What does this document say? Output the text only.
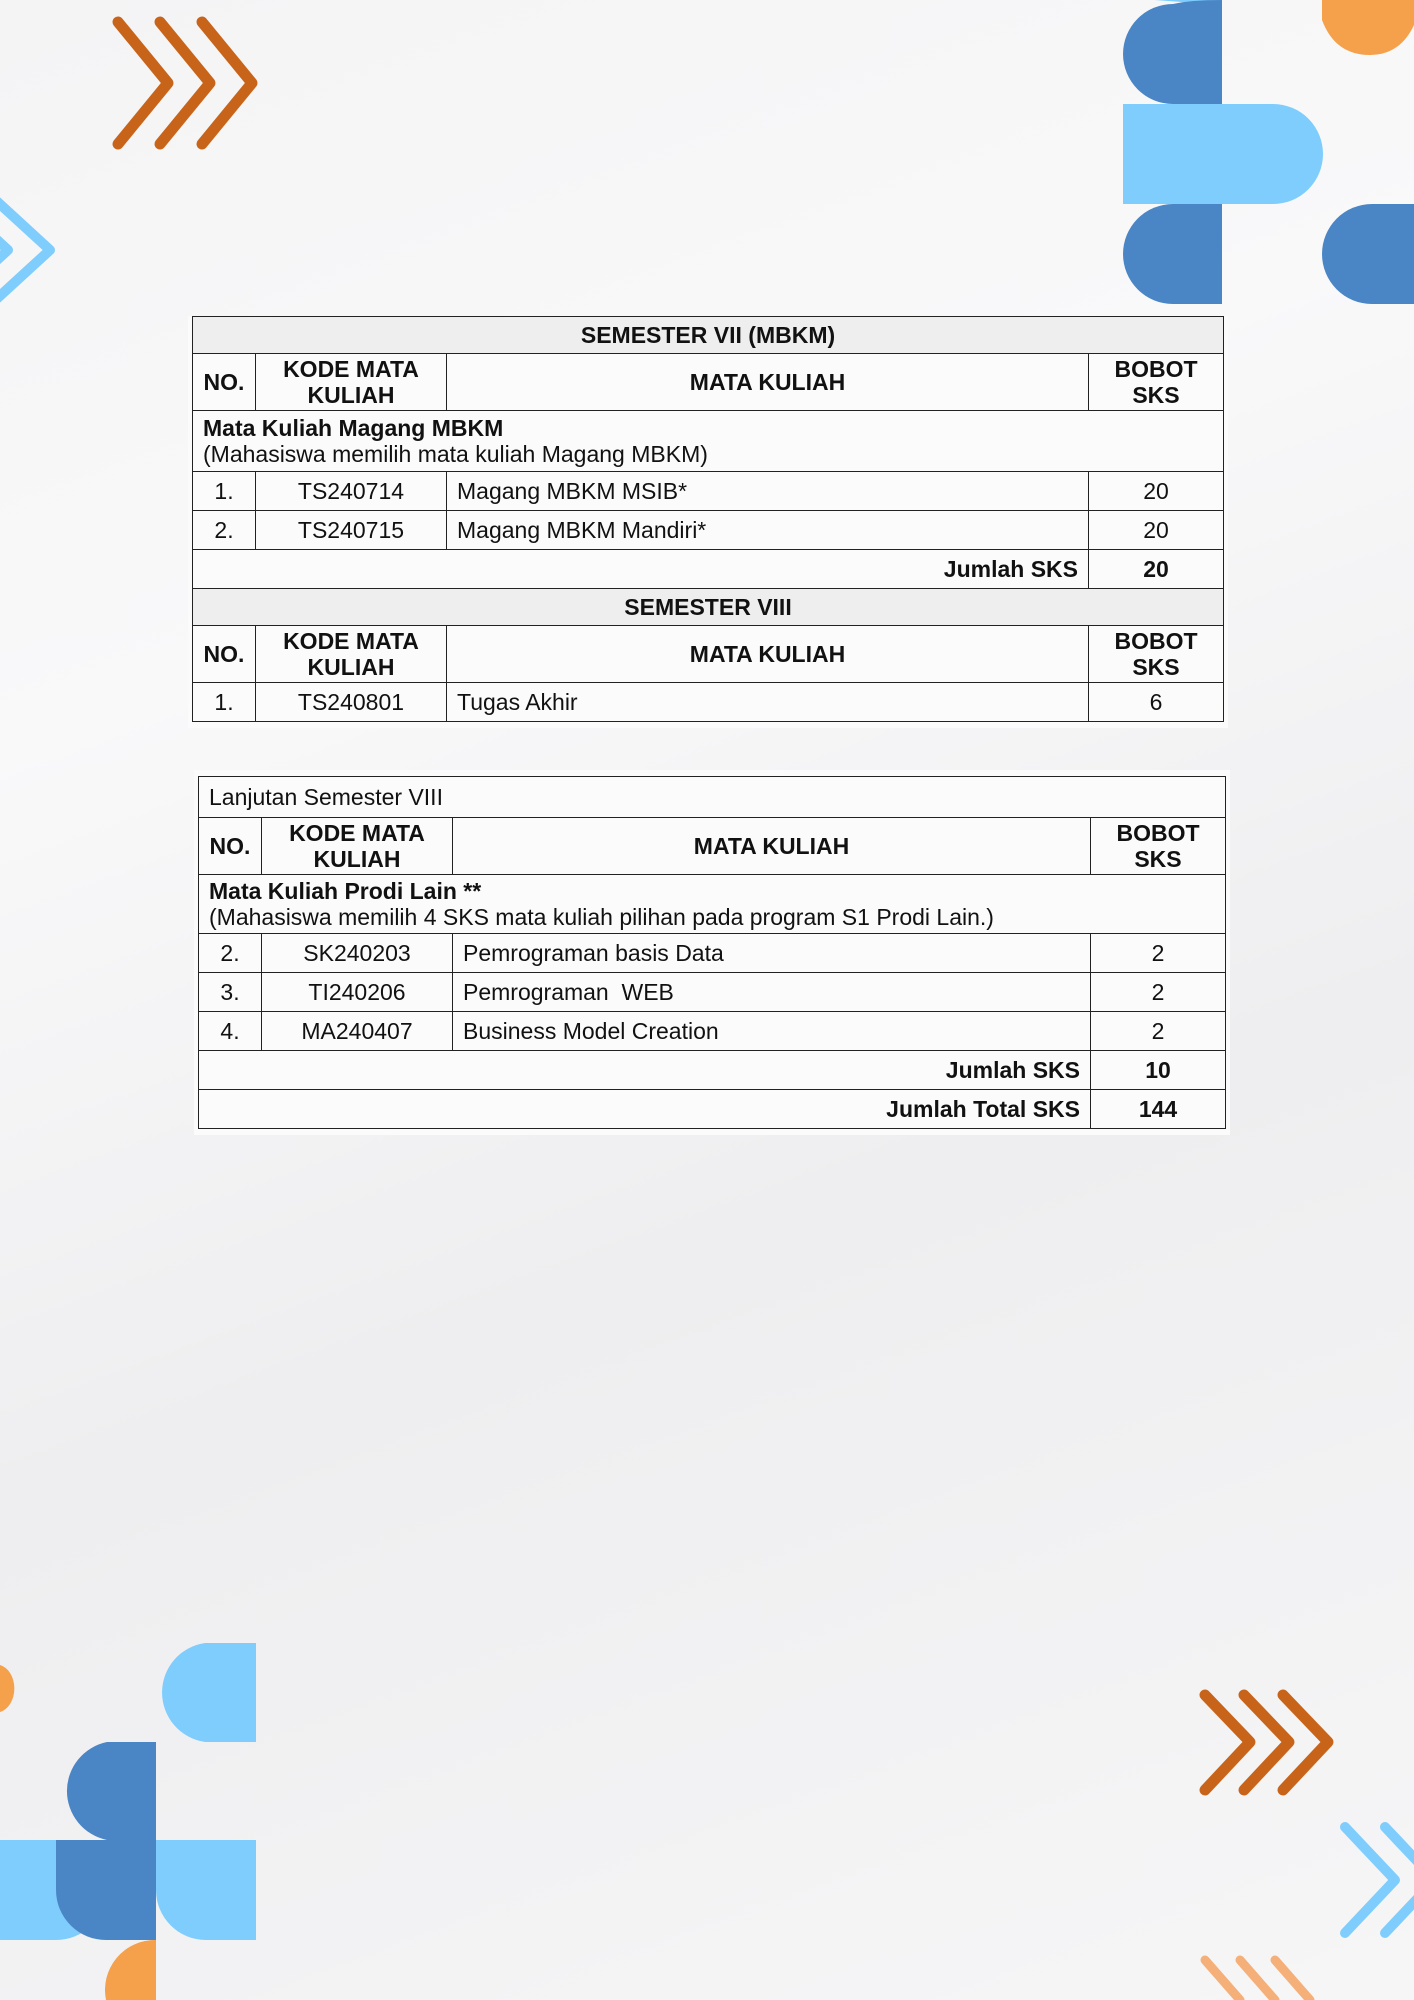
SEMESTER VII (MBKM)			
NO.	KODE MATA KULIAH	MATA KULIAH	BOBOT SKS

Mata Kuliah Magang MBKM
(Mahasiswa memilih mata kuliah Magang MBKM)			
1.	TS240714	Magang MBKM MSIB*	20
2.	TS240715	Magang MBKM Mandiri*	20
Jumlah SKS			20
SEMESTER VIII			
NO.	KODE MATA KULIAH	MATA KULIAH	BOBOT SKS
1.	TS240801	Tugas Akhir	6
Lanjutan Semester VIII			
NO.	KODE MATA KULIAH	MATA KULIAH	BOBOT SKS

Mata Kuliah Prodi Lain **
(Mahasiswa memilih 4 SKS mata kuliah pilihan pada program S1 Prodi Lain.)			
2.	SK240203	Pemrograman basis Data	2
3.	TI240206	Pemrograman  WEB	2
4.	MA240407	Business Model Creation	2
Jumlah SKS			10
Jumlah Total SKS			144
